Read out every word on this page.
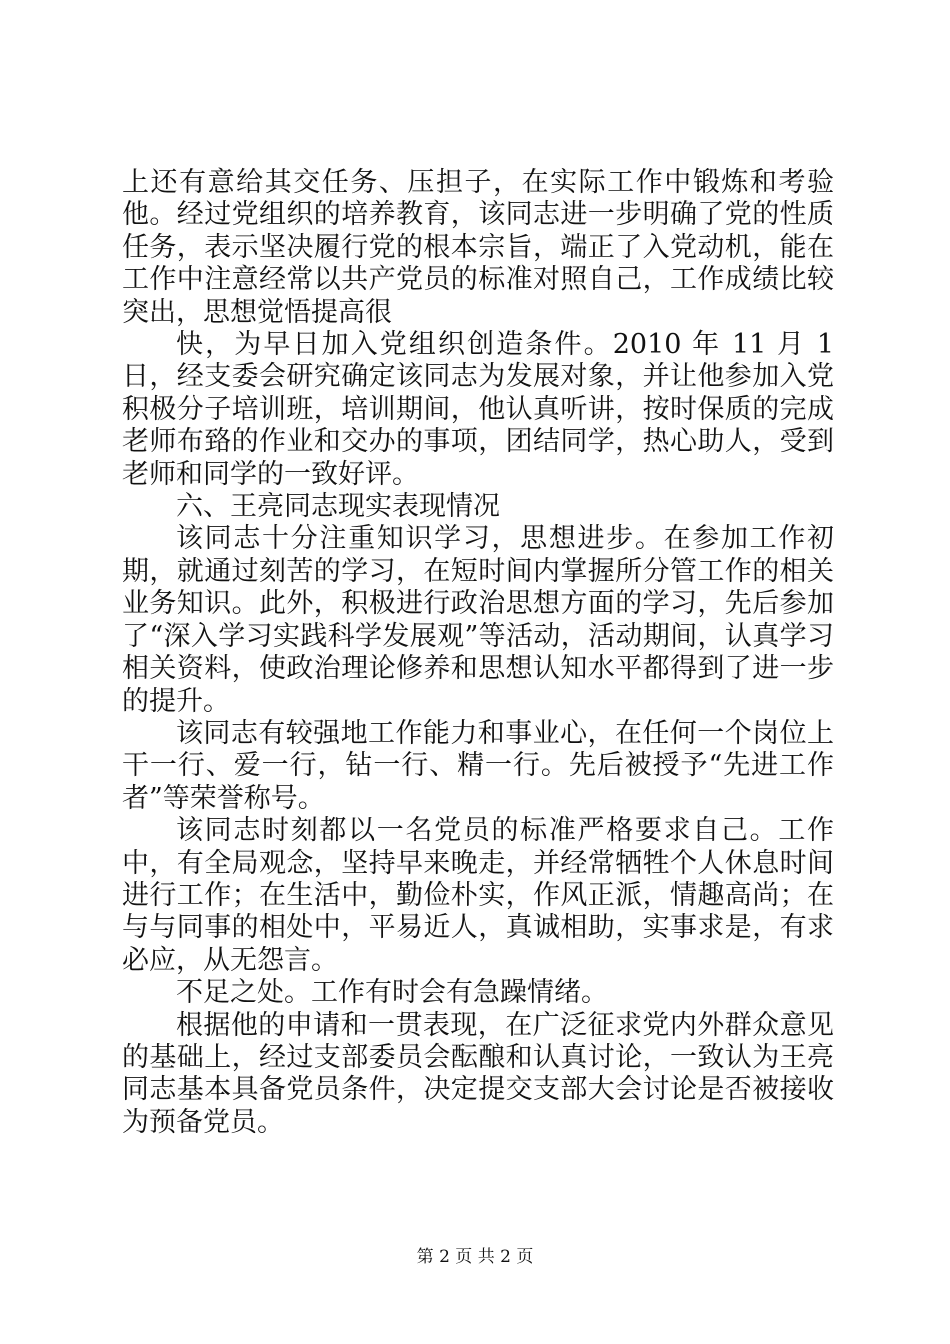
上还有意给其交任务、压担子，在实际工作中锻炼和考验他。经过党组织的培养教育，该同志进一步明确了党的性质任务，表示坚决履行党的根本宗旨，端正了入党动机，能在工作中注意经常以共产党员的标准对照自己，工作成绩比较突出，思想觉悟提高很

快，为早日加入党组织创造条件。2010 年 11 月 1 日，经支委会研究确定该同志为发展对象，并让他参加入党积极分子培训班，培训期间，他认真听讲，按时保质的完成老师布臵的作业和交办的事项，团结同学，热心助人，受到老师和同学的一致好评。

六、王亮同志现实表现情况

该同志十分注重知识学习，思想进步。在参加工作初期，就通过刻苦的学习，在短时间内掌握所分管工作的相关业务知识。此外，积极进行政治思想方面的学习，先后参加了“深入学习实践科学发展观”等活动，活动期间，认真学习相关资料，使政治理论修养和思想认知水平都得到了进一步的提升。

该同志有较强地工作能力和事业心，在任何一个岗位上干一行、爱一行，钻一行、精一行。先后被授予“先进工作者”等荣誉称号。

该同志时刻都以一名党员的标准严格要求自己。工作中，有全局观念，坚持早来晚走，并经常牺牲个人休息时间进行工作；在生活中，勤俭朴实，作风正派，情趣高尚；在与与同事的相处中，平易近人，真诚相助，实事求是，有求必应，从无怨言。

不足之处。工作有时会有急躁情绪。

根据他的申请和一贯表现，在广泛征求党内外群众意见的基础上，经过支部委员会酝酿和认真讨论，一致认为王亮同志基本具备党员条件，决定提交支部大会讨论是否被接收为预备党员。

第 2 页 共 2 页
